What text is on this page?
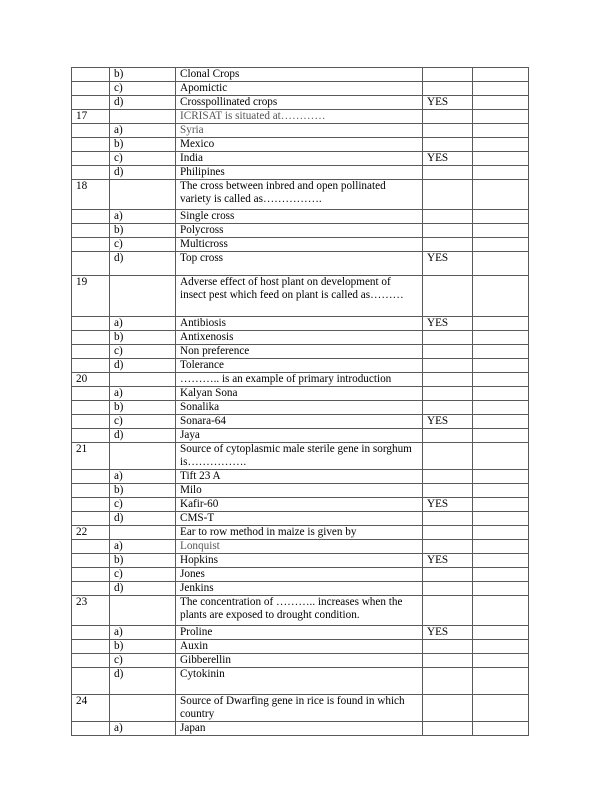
	b)	Clonal Crops		
	c)	Apomictic		
	d)	Crosspollinated crops	YES	
17		ICRISAT is situated at…………		
	a)	Syria		
	b)	Mexico		
	c)	India	YES	
	d)	Philipines		
18		The cross between inbred and open pollinated variety is called as…………….		
	a)	Single cross		
	b)	Polycross		
	c)	Multicross		
	d)	Top cross	YES	
19		Adverse effect of host plant on development of insect pest which feed on plant is called as………		
	a)	Antibiosis	YES	
	b)	Antixenosis		
	c)	Non preference		
	d)	Tolerance		
20		……….. is an example of primary introduction		
	a)	Kalyan Sona		
	b)	Sonalika		
	c)	Sonara-64	YES	
	d)	Jaya		
21		Source of cytoplasmic male sterile gene in sorghum is…………….		
	a)	Tift 23 A		
	b)	Milo		
	c)	Kafir-60	YES	
	d)	CMS-T		
22		Ear to row method in maize is given by		
	a)	Lonquist		
	b)	Hopkins	YES	
	c)	Jones		
	d)	Jenkins		
23		The concentration of ……….. increases when the plants are exposed to drought condition.		
	a)	Proline	YES	
	b)	Auxin		
	c)	Gibberellin		
	d)	Cytokinin		
24		Source of Dwarfing gene in rice is found in which country		
	a)	Japan		
